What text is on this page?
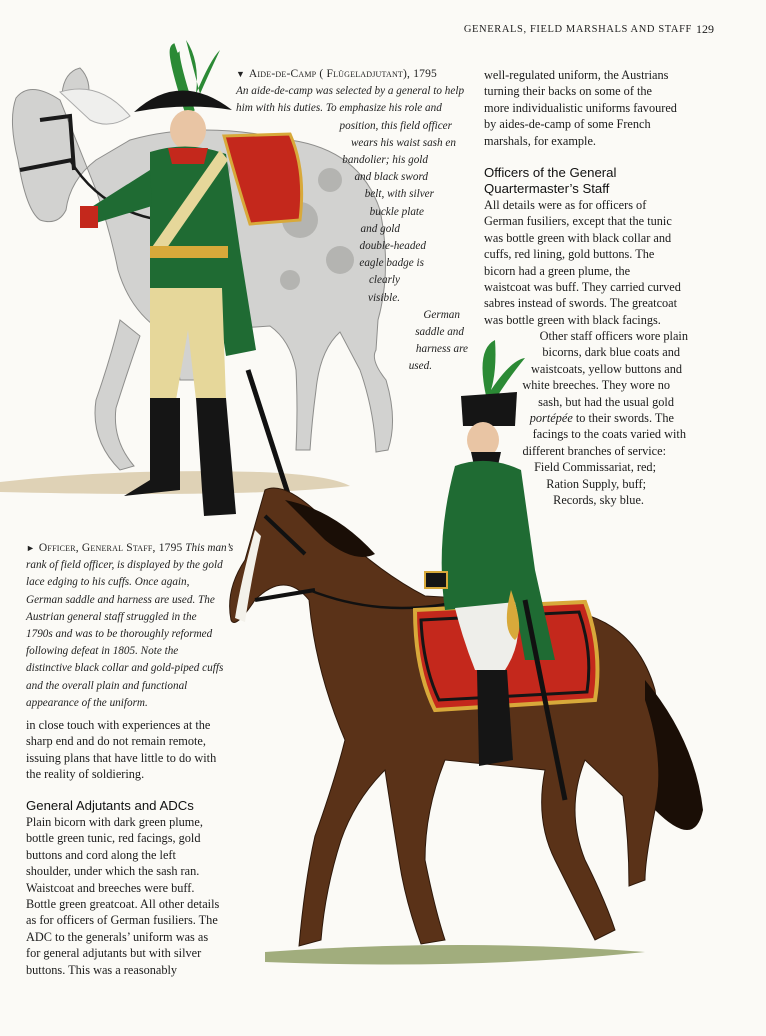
GENERALS, FIELD MARSHALS AND STAFF 129
▼ Aide-de-Camp ( Flügeladjutant), 1795
An aide-de-camp was selected by a general to help
him with his duties. To emphasize his role and
position, this field officer
wears his waist sash en
bandolier; his gold
and black sword
belt, with silver
buckle plate
and gold
double-headed
eagle badge is
clearly
visible.
German
saddle and
harness are
used.
► Officer, General Staff, 1795 This man’s
rank of field officer, is displayed by the gold
lace edging to his cuffs. Once again,
German saddle and harness are used. The
Austrian general staff struggled in the
1790s and was to be thoroughly reformed
following defeat in 1805. Note the
distinctive black collar and gold-piped cuffs
and the overall plain and functional
appearance of the uniform.

in close touch with experiences at the

sharp end and do not remain remote,

issuing plans that have little to do with

the reality of soldiering.

General Adjutants and ADCs

Plain bicorn with dark green plume,

bottle green tunic, red facings, gold

buttons and cord along the left

shoulder, under which the sash ran.

Waistcoat and breeches were buff.

Bottle green greatcoat. All other details

as for officers of German fusiliers. The

ADC to the generals’ uniform was as

for general adjutants but with silver

buttons. This was a reasonably

well-regulated uniform, the Austrians

turning their backs on some of the

more individualistic uniforms favoured

by aides-de-camp of some French

marshals, for example.

Officers of the General
Quartermaster’s Staff

All details were as for officers of

German fusiliers, except that the tunic

was bottle green with black collar and

cuffs, red lining, gold buttons. The

bicorn had a green plume, the

waistcoat was buff. They carried curved

sabres instead of swords. The greatcoat

was bottle green with black facings.

Other staff officers wore plain

bicorns, dark blue coats and

waistcoats, yellow buttons and

white breeches. They wore no

sash, but had the usual gold

portépée to their swords. The

facings to the coats varied with

different branches of service:

Field Commissariat, red;

Ration Supply, buff;

Records, sky blue.
